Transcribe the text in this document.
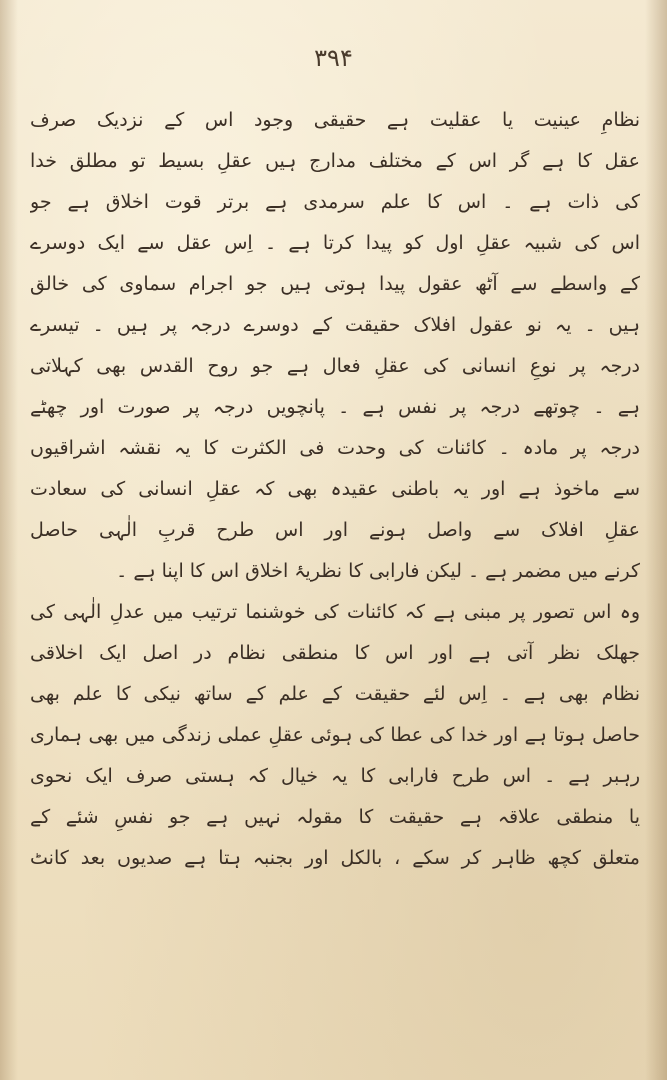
۳۹۴
نظامِ عینیت یا عقلیت ہے حقیقی وجود اس کے نزدیک صرف
عقل کا ہے گر اس کے مختلف مدارج ہیں عقلِ بسیط تو مطلق خدا
کی ذات ہے ۔ اس کا علم سرمدی ہے برتر قوت اخلاق ہے جو
اس کی شبیہ عقلِ اول کو پیدا کرتا ہے ۔ اِس عقل سے ایک دوسرے
کے واسطے سے آٹھ عقول پیدا ہوتی ہیں جو اجرام سماوی کی خالق
ہیں ۔ یہ نو عقول افلاک حقیقت کے دوسرے درجہ پر ہیں ۔ تیسرے
درجہ پر نوعِ انسانی کی عقلِ فعال ہے جو روح القدس بھی کہلاتی
ہے ۔ چوتھے درجہ پر نفس ہے ۔ پانچویں درجہ پر صورت اور چھٹے
درجہ پر مادہ ۔ کائنات کی وحدت فی الکثرت کا یہ نقشہ اشراقیوں
سے ماخوذ ہے اور یہ باطنی عقیدہ بھی کہ عقلِ انسانی کی سعادت
عقلِ افلاک سے واصل ہونے اور اس طرح قربِ الٰہی حاصل
کرنے میں مضمر ہے ۔ لیکن فارابی کا نظریۂ اخلاق اس کا اپنا ہے ۔
وہ اس تصور پر مبنی ہے کہ کائنات کی خوشنما ترتیب میں عدلِ الٰہی کی
جھلک نظر آتی ہے اور اس کا منطقی نظام در اصل ایک اخلاقی
نظام بھی ہے ۔ اِس لئے حقیقت کے علم کے ساتھ نیکی کا علم بھی
حاصل ہوتا ہے اور خدا کی عطا کی ہوئی عقلِ عملی زندگی میں بھی ہماری
رہبر ہے ۔ اس طرح فارابی کا یہ خیال کہ ہستی صرف ایک نحوی
یا منطقی علاقہ ہے حقیقت کا مقولہ نہیں ہے جو نفسِ شئے کے
متعلق کچھ ظاہر کر سکے ، بالکل اور بجنبہ ہتا ہے صدیوں بعد کانٹ
